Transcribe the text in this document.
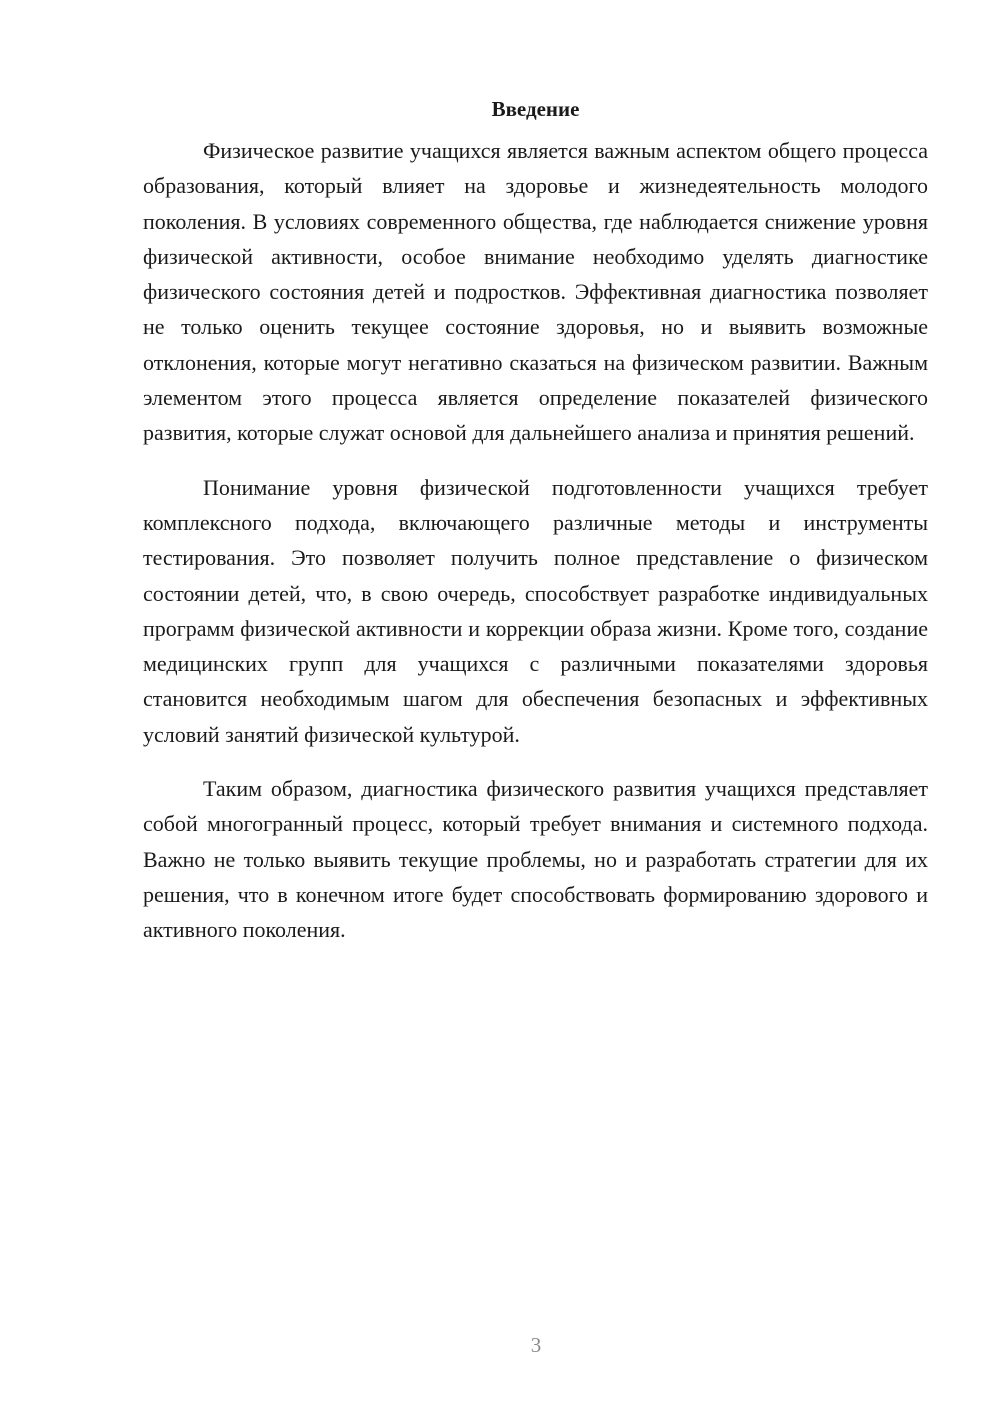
Введение

Физическое развитие учащихся является важным аспектом общего процесса образования, который влияет на здоровье и жизнедеятельность молодого поколения. В условиях современного общества, где наблюдается снижение уровня физической активности, особое внимание необходимо уделять диагностике физического состояния детей и подростков. Эффективная диагностика позволяет не только оценить текущее состояние здоровья, но и выявить возможные отклонения, которые могут негативно сказаться на физическом развитии. Важным элементом этого процесса является определение показателей физического развития, которые служат основой для дальнейшего анализа и принятия решений.

Понимание уровня физической подготовленности учащихся требует комплексного подхода, включающего различные методы и инструменты тестирования. Это позволяет получить полное представление о физическом состоянии детей, что, в свою очередь, способствует разработке индивидуальных программ физической активности и коррекции образа жизни. Кроме того, создание медицинских групп для учащихся с различными показателями здоровья становится необходимым шагом для обеспечения безопасных и эффективных условий занятий физической культурой.

Таким образом, диагностика физического развития учащихся представляет собой многогранный процесс, который требует внимания и системного подхода. Важно не только выявить текущие проблемы, но и разработать стратегии для их решения, что в конечном итоге будет способствовать формированию здорового и активного поколения.

3
